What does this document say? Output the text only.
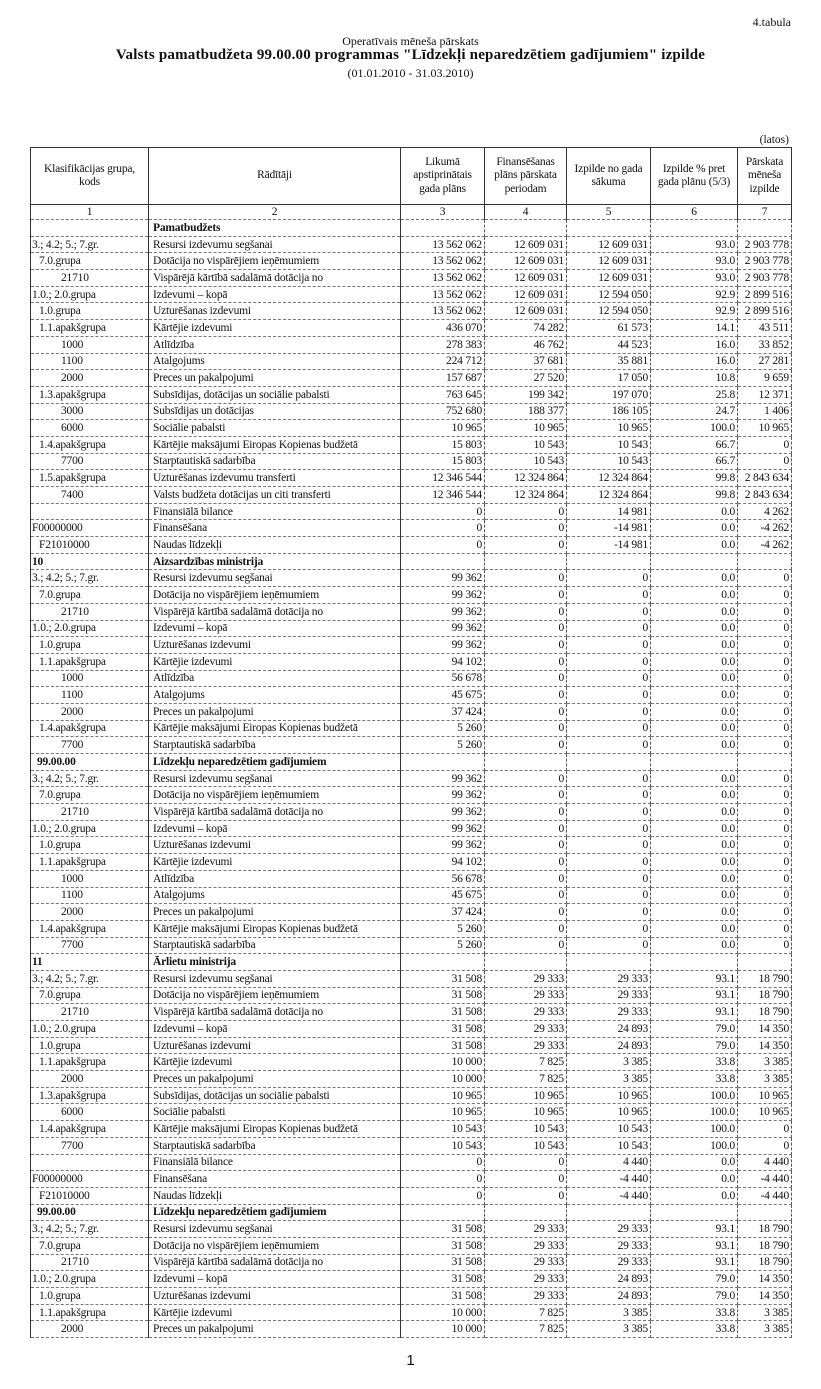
4.tabula
Operatīvais mēneša pārskats
Valsts pamatbudžeta 99.00.00 programmas "Līdzekļi neparedzētiem gadījumiem" izpilde
(01.01.2010 - 31.03.2010)
(latos)
Klasifikācijas grupa, kods	Rādītāji	Likumā apstiprinātais gada plāns	Finansēšanas plāns pārskata periodam	Izpilde no gada sākuma	Izpilde % pret gada plānu (5/3)	Pārskata mēneša izpilde
1	2	3	4	5	6	7
	Pamatbudžets					
3.; 4.2; 5.; 7.gr.	Resursi izdevumu segšanai	13 562 062	12 609 031	12 609 031	93.0	2 903 778
7.0.grupa	Dotācija no vispārējiem ieņēmumiem	13 562 062	12 609 031	12 609 031	93.0	2 903 778
21710	Vispārējā kārtībā sadalāmā dotācija no	13 562 062	12 609 031	12 609 031	93.0	2 903 778
1.0.; 2.0.grupa	Izdevumi – kopā	13 562 062	12 609 031	12 594 050	92.9	2 899 516
1.0.grupa	Uzturēšanas izdevumi	13 562 062	12 609 031	12 594 050	92.9	2 899 516
1.1.apakšgrupa	Kārtējie izdevumi	436 070	74 282	61 573	14.1	43 511
1000	Atlīdzība	278 383	46 762	44 523	16.0	33 852
1100	Atalgojums	224 712	37 681	35 881	16.0	27 281
2000	Preces un pakalpojumi	157 687	27 520	17 050	10.8	9 659
1.3.apakšgrupa	Subsīdijas, dotācijas un sociālie pabalsti	763 645	199 342	197 070	25.8	12 371
3000	Subsīdijas un dotācijas	752 680	188 377	186 105	24.7	1 406
6000	Sociālie pabalsti	10 965	10 965	10 965	100.0	10 965
1.4.apakšgrupa	Kārtējie maksājumi Eiropas Kopienas budžetā	15 803	10 543	10 543	66.7	0
7700	Starptautiskā sadarbība	15 803	10 543	10 543	66.7	0
1.5.apakšgrupa	Uzturēšanas izdevumu transferti	12 346 544	12 324 864	12 324 864	99.8	2 843 634
7400	Valsts budžeta dotācijas un citi transferti	12 346 544	12 324 864	12 324 864	99.8	2 843 634
	Finansiālā bilance	0	0	14 981	0.0	4 262
F00000000	Finansēšana	0	0	-14 981	0.0	-4 262
F21010000	Naudas līdzekļi	0	0	-14 981	0.0	-4 262
10	Aizsardzības ministrija					
3.; 4.2; 5.; 7.gr.	Resursi izdevumu segšanai	99 362	0	0	0.0	0
7.0.grupa	Dotācija no vispārējiem ieņēmumiem	99 362	0	0	0.0	0
21710	Vispārējā kārtībā sadalāmā dotācija no	99 362	0	0	0.0	0
1.0.; 2.0.grupa	Izdevumi – kopā	99 362	0	0	0.0	0
1.0.grupa	Uzturēšanas izdevumi	99 362	0	0	0.0	0
1.1.apakšgrupa	Kārtējie izdevumi	94 102	0	0	0.0	0
1000	Atlīdzība	56 678	0	0	0.0	0
1100	Atalgojums	45 675	0	0	0.0	0
2000	Preces un pakalpojumi	37 424	0	0	0.0	0
1.4.apakšgrupa	Kārtējie maksājumi Eiropas Kopienas budžetā	5 260	0	0	0.0	0
7700	Starptautiskā sadarbība	5 260	0	0	0.0	0
99.00.00	Līdzekļu neparedzētiem gadījumiem					
3.; 4.2; 5.; 7.gr.	Resursi izdevumu segšanai	99 362	0	0	0.0	0
7.0.grupa	Dotācija no vispārējiem ieņēmumiem	99 362	0	0	0.0	0
21710	Vispārējā kārtībā sadalāmā dotācija no	99 362	0	0	0.0	0
1.0.; 2.0.grupa	Izdevumi – kopā	99 362	0	0	0.0	0
1.0.grupa	Uzturēšanas izdevumi	99 362	0	0	0.0	0
1.1.apakšgrupa	Kārtējie izdevumi	94 102	0	0	0.0	0
1000	Atlīdzība	56 678	0	0	0.0	0
1100	Atalgojums	45 675	0	0	0.0	0
2000	Preces un pakalpojumi	37 424	0	0	0.0	0
1.4.apakšgrupa	Kārtējie maksājumi Eiropas Kopienas budžetā	5 260	0	0	0.0	0
7700	Starptautiskā sadarbība	5 260	0	0	0.0	0
11	Ārlietu ministrija					
3.; 4.2; 5.; 7.gr.	Resursi izdevumu segšanai	31 508	29 333	29 333	93.1	18 790
7.0.grupa	Dotācija no vispārējiem ieņēmumiem	31 508	29 333	29 333	93.1	18 790
21710	Vispārējā kārtībā sadalāmā dotācija no	31 508	29 333	29 333	93.1	18 790
1.0.; 2.0.grupa	Izdevumi – kopā	31 508	29 333	24 893	79.0	14 350
1.0.grupa	Uzturēšanas izdevumi	31 508	29 333	24 893	79.0	14 350
1.1.apakšgrupa	Kārtējie izdevumi	10 000	7 825	3 385	33.8	3 385
2000	Preces un pakalpojumi	10 000	7 825	3 385	33.8	3 385
1.3.apakšgrupa	Subsīdijas, dotācijas un sociālie pabalsti	10 965	10 965	10 965	100.0	10 965
6000	Sociālie pabalsti	10 965	10 965	10 965	100.0	10 965
1.4.apakšgrupa	Kārtējie maksājumi Eiropas Kopienas budžetā	10 543	10 543	10 543	100.0	0
7700	Starptautiskā sadarbība	10 543	10 543	10 543	100.0	0
	Finansiālā bilance	0	0	4 440	0.0	4 440
F00000000	Finansēšana	0	0	-4 440	0.0	-4 440
F21010000	Naudas līdzekļi	0	0	-4 440	0.0	-4 440
99.00.00	Līdzekļu neparedzētiem gadījumiem					
3.; 4.2; 5.; 7.gr.	Resursi izdevumu segšanai	31 508	29 333	29 333	93.1	18 790
7.0.grupa	Dotācija no vispārējiem ieņēmumiem	31 508	29 333	29 333	93.1	18 790
21710	Vispārējā kārtībā sadalāmā dotācija no	31 508	29 333	29 333	93.1	18 790
1.0.; 2.0.grupa	Izdevumi – kopā	31 508	29 333	24 893	79.0	14 350
1.0.grupa	Uzturēšanas izdevumi	31 508	29 333	24 893	79.0	14 350
1.1.apakšgrupa	Kārtējie izdevumi	10 000	7 825	3 385	33.8	3 385
2000	Preces un pakalpojumi	10 000	7 825	3 385	33.8	3 385
1
